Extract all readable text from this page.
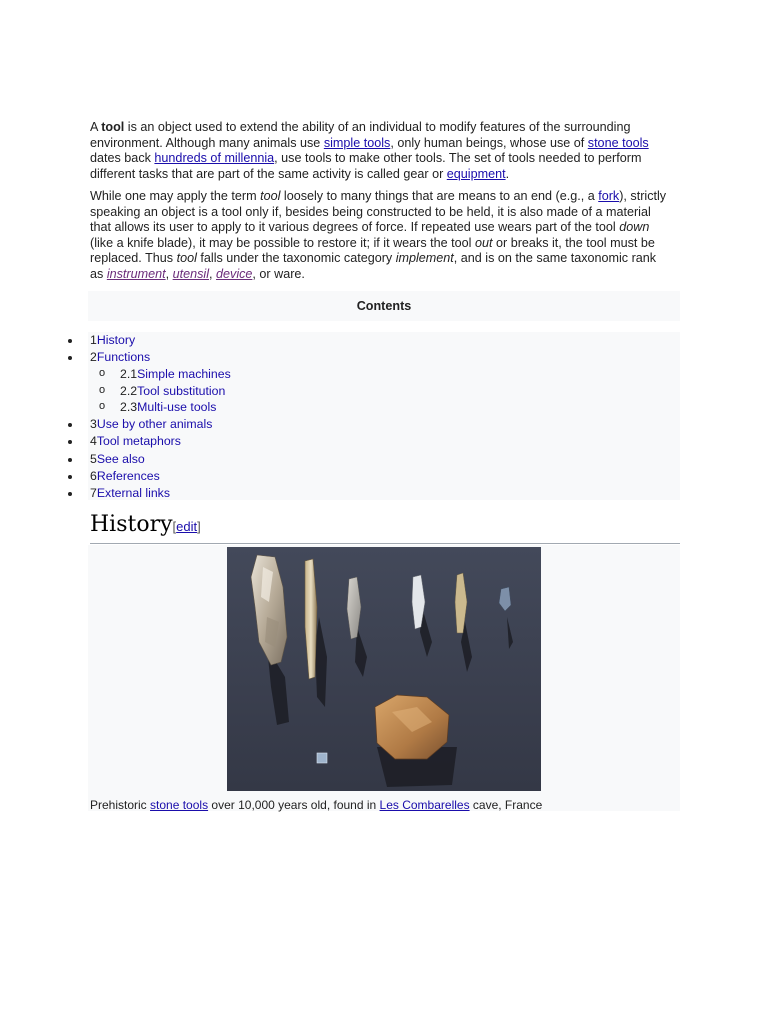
A tool is an object used to extend the ability of an individual to modify features of the surrounding environment. Although many animals use simple tools, only human beings, whose use of stone tools dates back hundreds of millennia, use tools to make other tools. The set of tools needed to perform different tasks that are part of the same activity is called gear or equipment.

While one may apply the term tool loosely to many things that are means to an end (e.g., a fork), strictly speaking an object is a tool only if, besides being constructed to be held, it is also made of a material that allows its user to apply to it various degrees of force. If repeated use wears part of the tool down (like a knife blade), it may be possible to restore it; if it wears the tool out or breaks it, the tool must be replaced. Thus tool falls under the taxonomic category implement, and is on the same taxonomic rank as instrument, utensil, device, or ware.

Contents
1History
2Functions
o 2.1Simple machines
o 2.2Tool substitution
o 2.3Multi-use tools
3Use by other animals
4Tool metaphors
5See also
6References
7External links
History[edit]
Prehistoric stone tools over 10,000 years old, found in Les Combarelles cave, France
